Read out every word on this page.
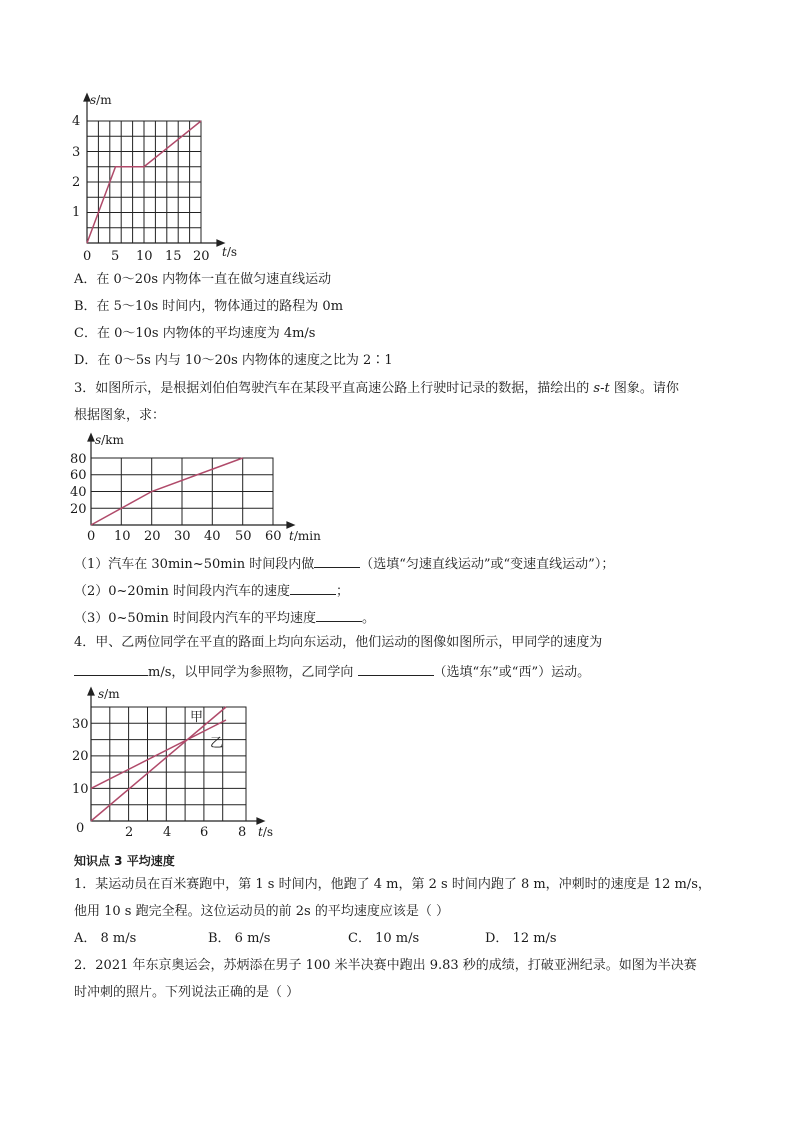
s/m
t/s
1
2
3
4
0 5 10 15 20
A．在 0～20s 内物体一直在做匀速直线运动
B．在 5～10s 时间内，物体通过的路程为 0m
C．在 0～10s 内物体的平均速度为 4m/s
D．在 0～5s 内与 10～20s 内物体的速度之比为 2∶1
3．如图所示，是根据刘伯伯驾驶汽车在某段平直高速公路上行驶时记录的数据，描绘出的 s-t 图象。请你
根据图象，求：
s/km
t/min
20
40
60
80
0 10 20 30 40 50 60
（1）汽车在 30min~50min 时间段内做	（选填“匀速直线运动”或“变速直线运动”）；
（2）0~20min 时间段内汽车的速度	；
（3）0~50min 时间段内汽车的平均速度	。
4．甲、乙两位同学在平直的路面上均向东运动，他们运动的图像如图所示，甲同学的速度为
m/s，以甲同学为参照物，乙同学向	（选填“东”或“西”）运动。
甲
乙
s/m
t/s
0
10
20
30
2 4 6 8
知识点 3 平均速度
1．某运动员在百米赛跑中，第 1 s 时间内，他跑了 4 m，第 2 s 时间内跑了 8 m，冲刺时的速度是 12 m/s，
他用 10 s 跑完全程。这位运动员的前 2s 的平均速度应该是（ ）
A． 8 m/s	B． 6 m/s	C． 10 m/s	D． 12 m/s
2．2021 年东京奥运会，苏炳添在男子 100 米半决赛中跑出 9.83 秒的成绩，打破亚洲纪录。如图为半决赛
时冲刺的照片。下列说法正确的是（ ）
